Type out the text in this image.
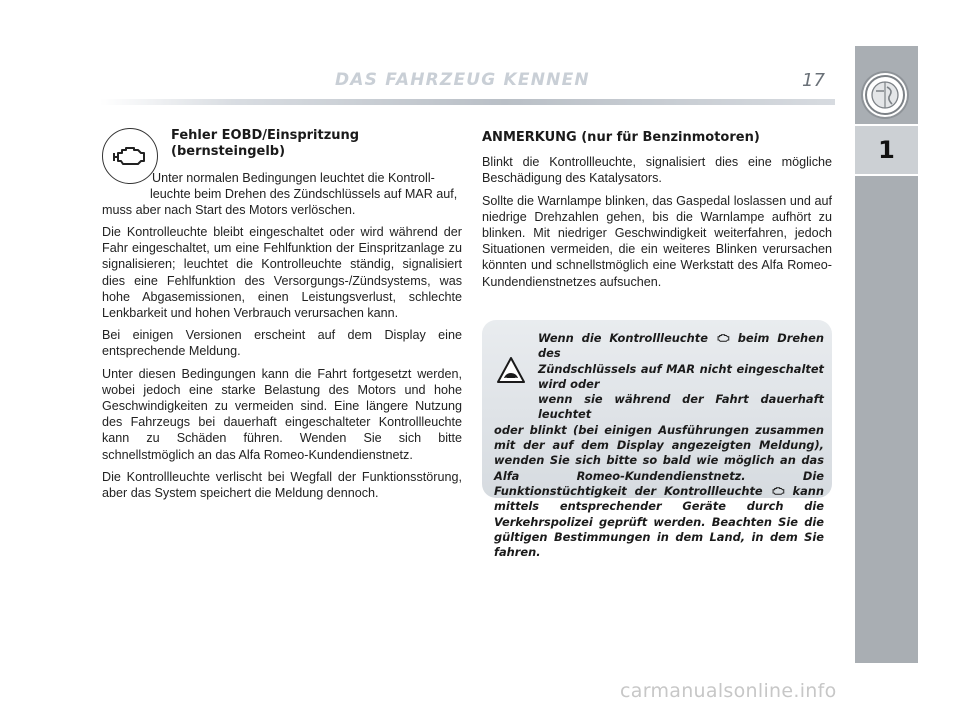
DAS FAHRZEUG KENNEN	17
1
Fehler EOBD/Einspritzung
(bernsteingelb)
Unter normalen Bedingungen leuchtet die Kontroll-
leuchte beim Drehen des Zündschlüssels auf MAR auf,
muss aber nach Start des Motors verlöschen.

Die Kontrolleuchte bleibt eingeschaltet oder wird während der Fahr eingeschaltet, um eine Fehlfunktion der Einspritzanlage zu signalisieren; leuchtet die Kontrolleuchte ständig, signalisiert dies eine Fehlfunktion des Versorgungs-/Zündsystems, was hohe Abgasemissionen, einen Leistungsverlust, schlechte Lenkbarkeit und hohen Verbrauch verursachen kann.

Bei einigen Versionen erscheint auf dem Display eine entsprechende Meldung.

Unter diesen Bedingungen kann die Fahrt fortgesetzt werden, wobei jedoch eine starke Belastung des Motors und hohe Geschwindigkeiten zu vermeiden sind. Eine längere Nutzung des Fahrzeugs bei dauerhaft eingeschalteter Kontrollleuchte kann zu Schäden führen. Wenden Sie sich bitte schnellstmöglich an das Alfa Romeo-Kundendienstnetz.

Die Kontrollleuchte verlischt bei Wegfall der Funktionsstörung, aber das System speichert die Meldung dennoch.

ANMERKUNG (nur für Benzinmotoren)

Blinkt die Kontrollleuchte, signalisiert dies eine mögliche Beschädigung des Katalysators.

Sollte die Warnlampe blinken, das Gaspedal loslassen und auf niedrige Drehzahlen gehen, bis die Warnlampe aufhört zu blinken. Mit niedriger Geschwindigkeit weiterfahren, jedoch Situationen vermeiden, die ein weiteres Blinken verursachen könnten und schnellstmöglich eine Werkstatt des Alfa Romeo-Kundendienstnetzes aufsuchen.

Wenn die Kontrollleuchte	beim Drehen des
Zündschlüssels auf MAR nicht eingeschaltet wird oder
wenn sie während der Fahrt dauerhaft leuchtet
oder blinkt (bei einigen Ausführungen zusammen mit der auf dem Display angezeigten Meldung), wenden Sie sich bitte so bald wie möglich an das Alfa Romeo-Kundendienstnetz. Die Funktionstüchtigkeit der Kontrollleuchte	kann mittels entsprechender Geräte durch die Verkehrspolizei geprüft werden. Beachten Sie die gültigen Bestimmungen in dem Land, in dem Sie fahren.
carmanualsonline.info
